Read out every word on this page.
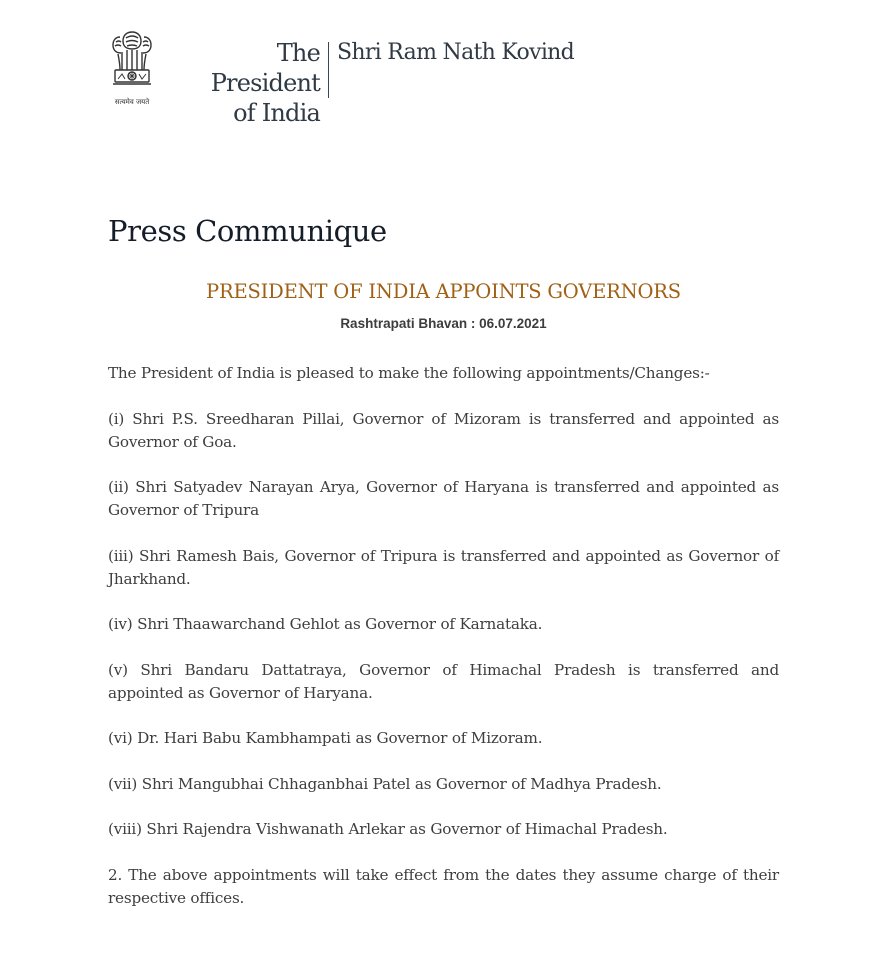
सत्यमेव जयते
The President
of India
Shri Ram Nath Kovind
Press Communique
PRESIDENT OF INDIA APPOINTS GOVERNORS
Rashtrapati Bhavan : 06.07.2021

The President of India is pleased to make the following appointments/Changes:-

(i) Shri P.S. Sreedharan Pillai, Governor of Mizoram is transferred and appointed as Governor of Goa.

(ii) Shri Satyadev Narayan Arya, Governor of Haryana is transferred and appointed as Governor of Tripura

(iii) Shri Ramesh Bais, Governor of Tripura is transferred and appointed as Governor of Jharkhand.

(iv) Shri Thaawarchand Gehlot as Governor of Karnataka.

(v) Shri Bandaru Dattatraya, Governor of Himachal Pradesh is transferred and appointed as Governor of Haryana.

(vi) Dr. Hari Babu Kambhampati as Governor of Mizoram.

(vii) Shri Mangubhai Chhaganbhai Patel as Governor of Madhya Pradesh.

(viii) Shri Rajendra Vishwanath Arlekar as Governor of Himachal Pradesh.

2. The above appointments will take effect from the dates they assume charge of their respective offices.
